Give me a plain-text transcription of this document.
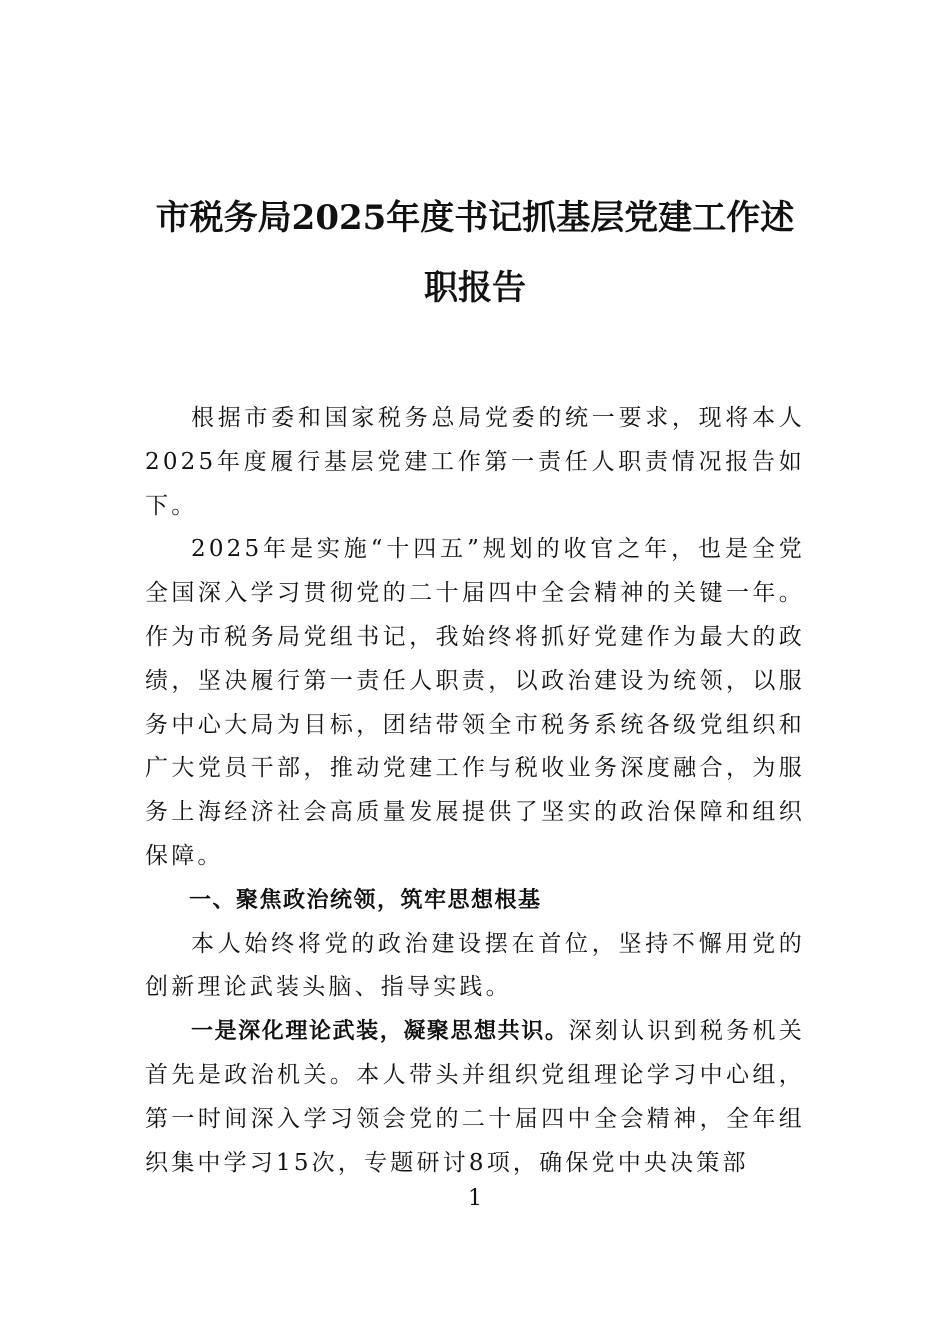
市税务局2025年度书记抓基层党建工作述
职报告

根据市委和国家税务总局党委的统一要求，现将本人2025年度履行基层党建工作第一责任人职责情况报告如下。

2025年是实施“十四五”规划的收官之年，也是全党全国深入学习贯彻党的二十届四中全会精神的关键一年。作为市税务局党组书记，我始终将抓好党建作为最大的政绩，坚决履行第一责任人职责，以政治建设为统领，以服务中心大局为目标，团结带领全市税务系统各级党组织和广大党员干部，推动党建工作与税收业务深度融合，为服务上海经济社会高质量发展提供了坚实的政治保障和组织保障。

一、聚焦政治统领，筑牢思想根基

本人始终将党的政治建设摆在首位，坚持不懈用党的创新理论武装头脑、指导实践。

一是深化理论武装，凝聚思想共识。深刻认识到税务机关首先是政治机关。本人带头并组织党组理论学习中心组，第一时间深入学习领会党的二十届四中全会精神，全年组织集中学习15次，专题研讨8项，确保党中央决策部

1
